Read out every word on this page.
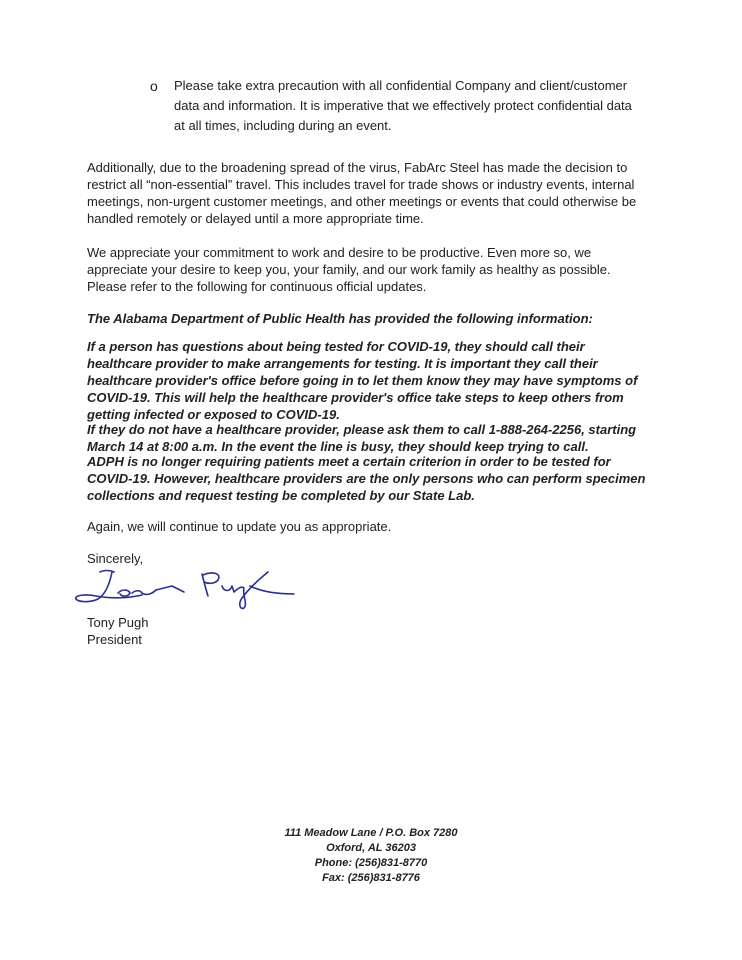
o	Please take extra precaution with all confidential Company and client/customer data and information. It is imperative that we effectively protect confidential data at all times, including during an event.

Additionally, due to the broadening spread of the virus, FabArc Steel has made the decision to restrict all “non-essential” travel. This includes travel for trade shows or industry events, internal meetings, non-urgent customer meetings, and other meetings or events that could otherwise be handled remotely or delayed until a more appropriate time.

We appreciate your commitment to work and desire to be productive. Even more so, we appreciate your desire to keep you, your family, and our work family as healthy as possible. Please refer to the following for continuous official updates.

The Alabama Department of Public Health has provided the following information:

If a person has questions about being tested for COVID-19, they should call their healthcare provider to make arrangements for testing. It is important they call their healthcare provider's office before going in to let them know they may have symptoms of COVID-19. This will help the healthcare provider's office take steps to keep others from getting infected or exposed to COVID-19.

If they do not have a healthcare provider, please ask them to call 1-888-264-2256, starting March 14 at 8:00 a.m. In the event the line is busy, they should keep trying to call.

ADPH is no longer requiring patients meet a certain criterion in order to be tested for COVID-19. However, healthcare providers are the only persons who can perform specimen collections and request testing be completed by our State Lab.

Again, we will continue to update you as appropriate.

Sincerely,

Tony Pugh

President

111 Meadow Lane / P.O. Box 7280
Oxford, AL 36203
Phone: (256)831-8770
Fax: (256)831-8776
